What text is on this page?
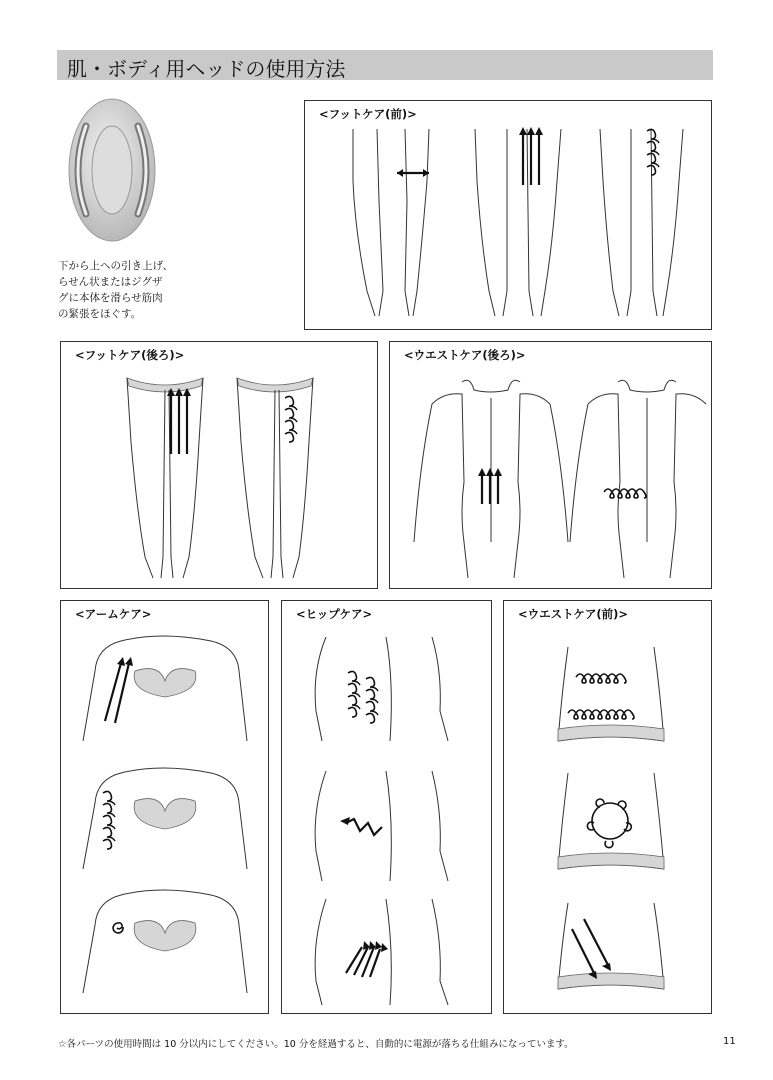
肌・ボディ用ヘッドの使用方法
下から上への引き上げ、
らせん状またはジグザ
グに本体を滑らせ筋肉
の緊張をほぐす。
<フットケア(前)>
<フットケア(後ろ)>	<ウエストケア(後ろ)>
<アームケア>	<ヒップケア>	<ウエストケア(前)>
☆各パーツの使用時間は 10 分以内にしてください。10 分を経過すると、自動的に電源が落ちる仕組みになっています。	11
